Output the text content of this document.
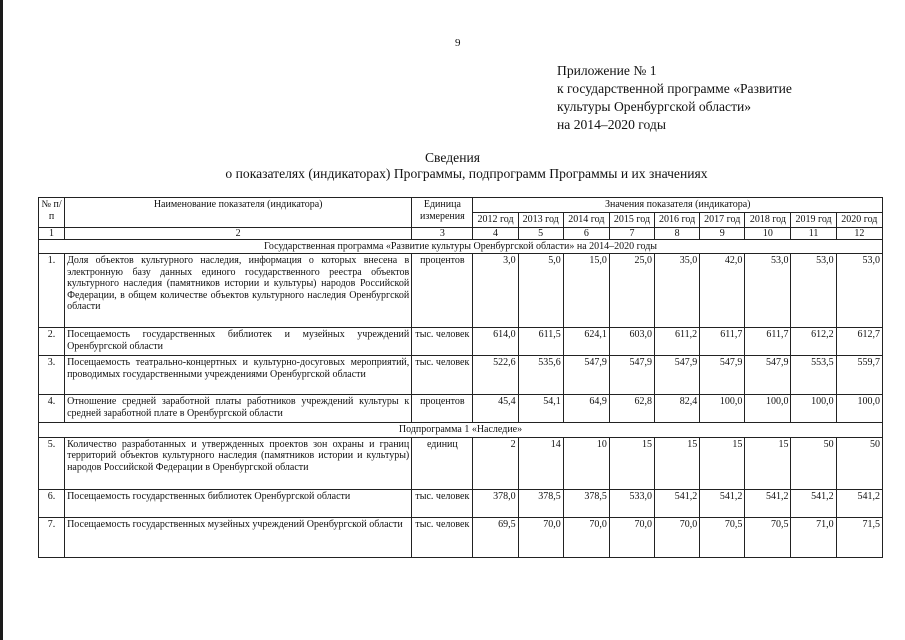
9
Приложение № 1
к государственной программе «Развитие
культуры Оренбургской области»
на 2014–2020 годы
Сведения
о показателях (индикаторах) Программы, подпрограмм Программы и их значениях
№ п/п	Наименование показателя (индикатора)	Единица измерения	Значения показателя (индикатора)								
			2012 год	2013 год	2014 год	2015 год	2016 год	2017 год	2018 год	2019 год	2020 год
1	2	3	4	5	6	7	8	9	10	11	12
Государственная программа «Развитие культуры Оренбургской области» на 2014–2020 годы											
1.	Доля объектов культурного наследия, информация о которых внесена в электронную базу данных единого государственного реестра объектов культурного наследия (памятников истории и культуры) народов Российской Федерации, в общем количестве объектов культурного наследия Оренбургской области	процентов	3,0	5,0	15,0	25,0	35,0	42,0	53,0	53,0	53,0
2.	Посещаемость государственных библиотек и музейных учреждений Оренбургской области	тыс. человек	614,0	611,5	624,1	603,0	611,2	611,7	611,7	612,2	612,7
3.	Посещаемость театрально-концертных и культурно-досуговых мероприятий, проводимых государственными учреждениями Оренбургской области	тыс. человек	522,6	535,6	547,9	547,9	547,9	547,9	547,9	553,5	559,7
4.	Отношение средней заработной платы работников учреждений культуры к средней заработной плате в Оренбургской области	процентов	45,4	54,1	64,9	62,8	82,4	100,0	100,0	100,0	100,0
Подпрограмма 1 «Наследие»											
5.	Количество разработанных и утвержденных проектов зон охраны и границ территорий объектов культурного наследия (памятников истории и культуры) народов Российской Федерации в Оренбургской области	единиц	2	14	10	15	15	15	15	50	50
6.	Посещаемость государственных библиотек Оренбургской области	тыс. человек	378,0	378,5	378,5	533,0	541,2	541,2	541,2	541,2	541,2
7.	Посещаемость государственных музейных учреждений Оренбургской области	тыс. человек	69,5	70,0	70,0	70,0	70,0	70,5	70,5	71,0	71,5
